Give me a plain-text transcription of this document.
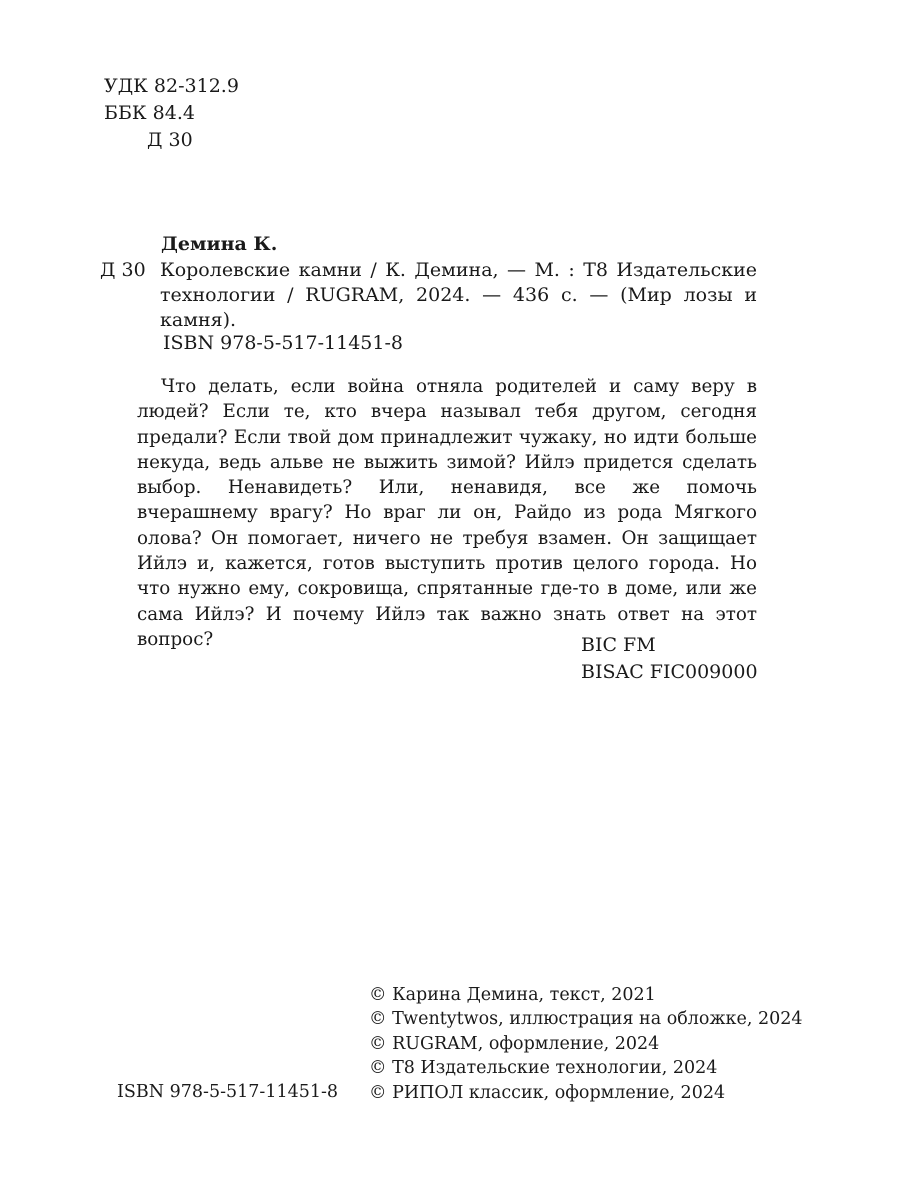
УДК 82-312.9
ББК 84.4
Д 30
Демина К.
Д 30 Королевские камни / К. Демина, — М. : Т8 Издательские технологии / RUGRAM, 2024. — 436 с. — (Мир лозы и камня).
ISBN 978-5-517-11451-8
Что делать, если война отняла родителей и саму веру в людей? Если те, кто вчера называл тебя другом, сегодня предали? Если твой дом принадлежит чужаку, но идти больше некуда, ведь альве не выжить зимой? Ийлэ придется сделать выбор. Ненавидеть? Или, ненавидя, все же помочь вчерашнему врагу? Но враг ли он, Райдо из рода Мягкого олова? Он помогает, ничего не требуя взамен. Он защищает Ийлэ и, кажется, готов выступить против целого города. Но что нужно ему, сокровища, спрятанные где-то в доме, или же сама Ийлэ? И почему Ийлэ так важно знать ответ на этот вопрос?	BIC FM
BISAC FIC009000
© Карина Демина, текст, 2021
© Twentytwos, иллюстрация на обложке, 2024
© RUGRAM, оформление, 2024
© Т8 Издательские технологии, 2024
© РИПОЛ классик, оформление, 2024
ISBN 978-5-517-11451-8
